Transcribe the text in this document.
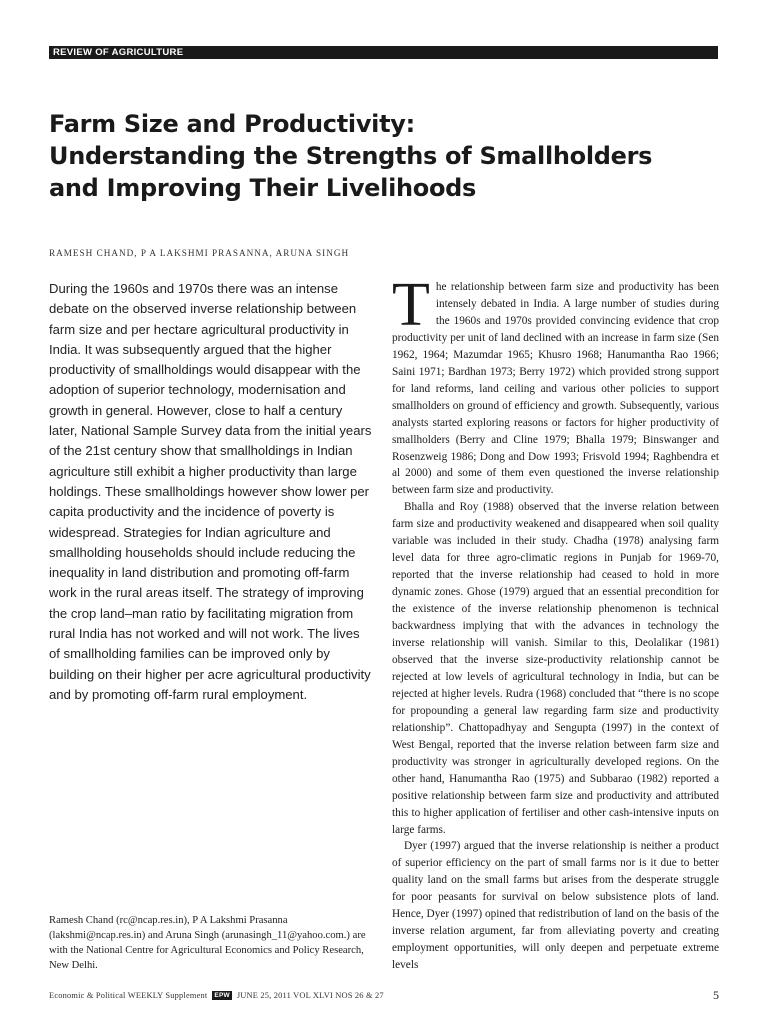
REVIEW OF AGRICULTURE
Farm Size and Productivity:
Understanding the Strengths of Smallholders
and Improving Their Livelihoods
RAMESH CHAND, P A LAKSHMI PRASANNA, ARUNA SINGH

During the 1960s and 1970s there was an intense debate on the observed inverse relationship between farm size and per hectare agricultural productivity in India. It was subsequently argued that the higher productivity of smallholdings would disappear with the adoption of superior technology, modernisation and growth in general. However, close to half a century later, National Sample Survey data from the initial years of the 21st century show that smallholdings in Indian agriculture still exhibit a higher productivity than large holdings. These smallholdings however show lower per capita productivity and the incidence of poverty is widespread. Strategies for Indian agriculture and smallholding households should include reducing the inequality in land distribution and promoting off-farm work in the rural areas itself. The strategy of improving the crop land–man ratio by facilitating migration from rural India has not worked and will not work. The lives of smallholding families can be improved only by building on their higher per acre agricultural productivity and by promoting off-farm rural employment.

Ramesh Chand (rc@ncap.res.in), P A Lakshmi Prasanna (lakshmi@ncap.res.in) and Aruna Singh (arunasingh_11@yahoo.com.) are with the National Centre for Agricultural Economics and Policy Research, New Delhi.

The relationship between farm size and productivity has been intensely debated in India. A large number of studies during the 1960s and 1970s provided convincing evidence that crop productivity per unit of land declined with an increase in farm size (Sen 1962, 1964; Mazumdar 1965; Khusro 1968; Hanumantha Rao 1966; Saini 1971; Bardhan 1973; Berry 1972) which provided strong support for land reforms, land ceiling and various other policies to support smallholders on ground of efficiency and growth. Subsequently, various analysts started exploring reasons or factors for higher productivity of smallholders (Berry and Cline 1979; Bhalla 1979; Binswanger and Rosenzweig 1986; Dong and Dow 1993; Frisvold 1994; Raghbendra et al 2000) and some of them even questioned the inverse relationship between farm size and productivity.

Bhalla and Roy (1988) observed that the inverse relation between farm size and productivity weakened and disappeared when soil quality variable was included in their study. Chadha (1978) analysing farm level data for three agro-climatic regions in Punjab for 1969-70, reported that the inverse relationship had ceased to hold in more dynamic zones. Ghose (1979) argued that an essential precondition for the existence of the inverse relationship phenomenon is technical backwardness implying that with the advances in technology the inverse relationship will vanish. Similar to this, Deolalikar (1981) observed that the inverse size-productivity relationship cannot be rejected at low levels of agricultural technology in India, but can be rejected at higher levels. Rudra (1968) concluded that “there is no scope for propounding a general law regarding farm size and productivity relationship”. Chattopadhyay and Sengupta (1997) in the context of West Bengal, reported that the inverse relation between farm size and productivity was stronger in agriculturally developed regions. On the other hand, Hanumantha Rao (1975) and Subbarao (1982) reported a positive relationship between farm size and productivity and attributed this to higher application of fertiliser and other cash-intensive inputs on large farms.

Dyer (1997) argued that the inverse relationship is neither a product of superior efficiency on the part of small farms nor is it due to better quality land on the small farms but arises from the desperate struggle for poor peasants for survival on below subsistence plots of land. Hence, Dyer (1997) opined that redistribution of land on the basis of the inverse relation argument, far from alleviating poverty and creating employment opportunities, will only deepen and perpetuate extreme levels

Economic & Political WEEKLY Supplement EPW JUNE 25, 2011 VOL XLVI NOS 26 & 27	5
